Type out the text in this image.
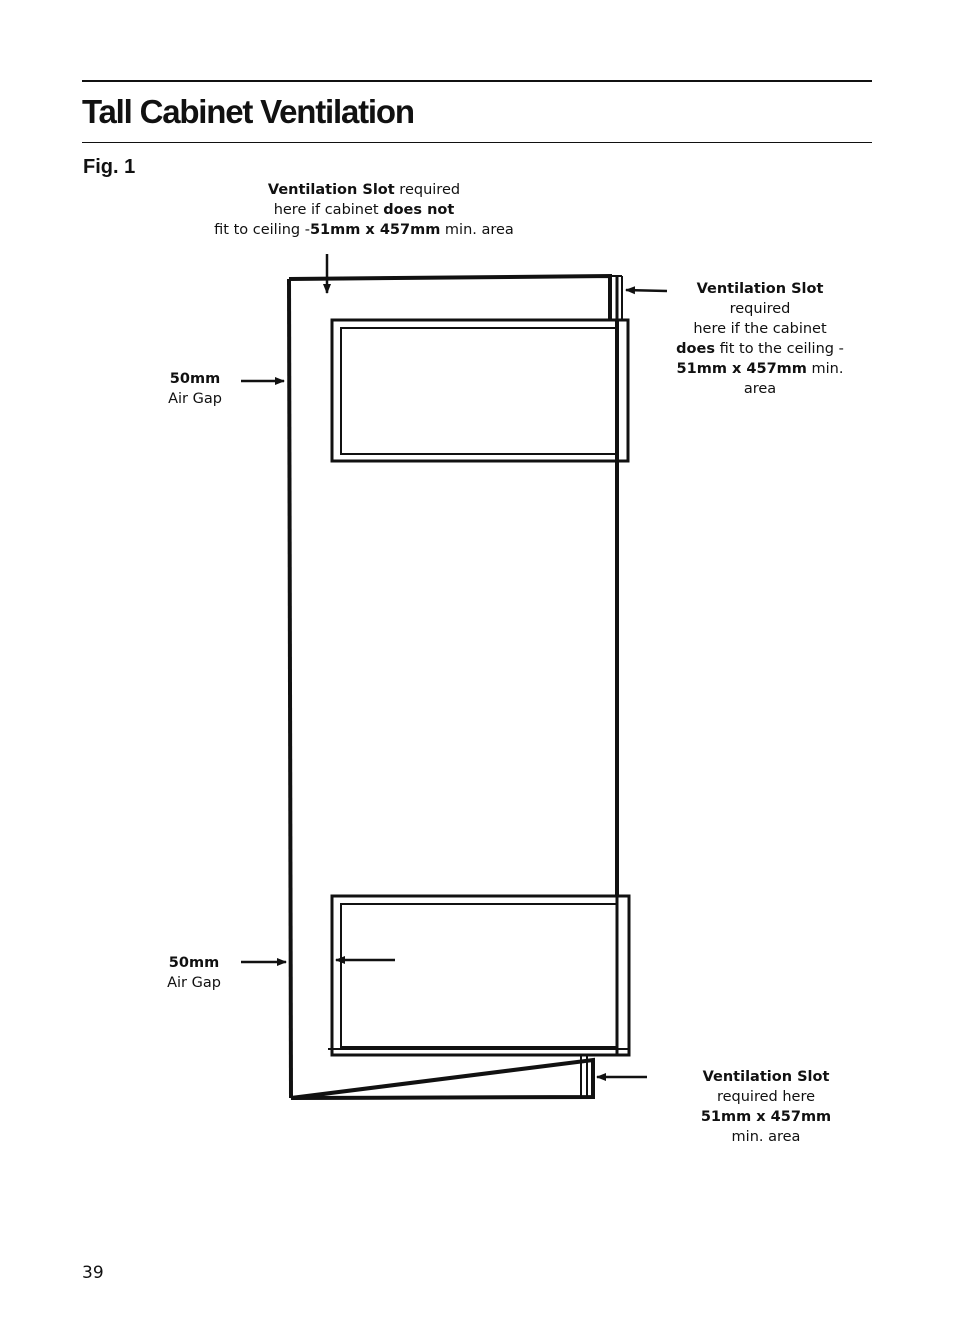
Tall Cabinet Ventilation
Fig. 1
Ventilation Slot required
here if cabinet does not
fit to ceiling -51mm x 457mm min. area
Ventilation Slot
required
here if the cabinet
does fit to the ceiling -
51mm x 457mm min.
area
Ventilation Slot
required here
51mm x 457mm
min. area
50mm
Air Gap
50mm
Air Gap
39
